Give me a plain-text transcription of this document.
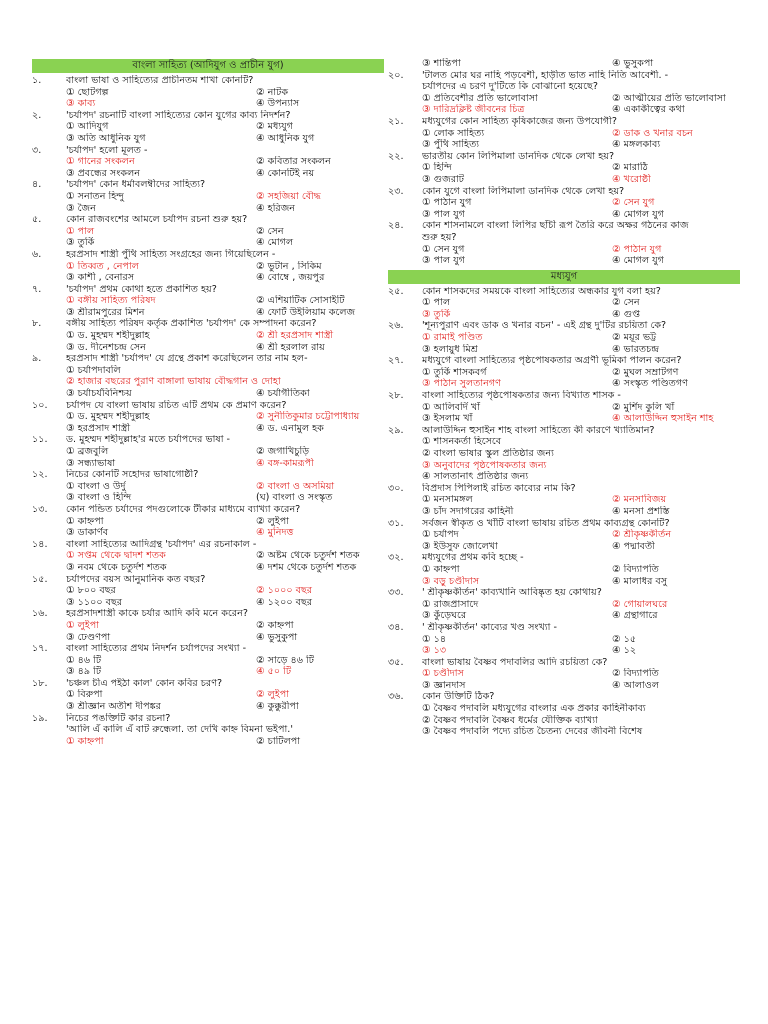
বাংলা সাহিত্য (আদিযুগ ও প্রাচীন যুগ)
১.	বাংলা ভাষা ও সাহিত্যের প্রাচীনতম শাখা কোনটি?
① ছোটগল্প	② নাটক
③ কাব্য	④ উপন্যাস
২.	'চর্যাপদ' রচনাটি বাংলা সাহিত্যের কোন যুগের কাব্য নিদর্শন?
① আদিযুগ	② মধ্যযুগ
③ অতি আধুনিক যুগ	④ আধুনিক যুগ
৩.	'চর্যাপদ' হলো মূলত -
① গানের সংকলন	② কবিতার সংকলন
③ প্রবন্ধের সংকলন	④ কোনটিই নয়
৪.	'চর্যাপদ' কোন ধর্মাবলম্বীদের সাহিত্য?
① সনাতন হিন্দু	② সহজিয়া বৌদ্ধ
③ জৈন	④ হরিজন
৫.	কোন রাজবংশের আমলে চর্যাপদ রচনা শুরু হয়?
① পাল	② সেন
③ তুর্কি	④ মোগল
৬.	হরপ্রসাদ শাস্ত্রী পুঁথি সাহিত্য সংগ্রহের জন্য গিয়েছিলেন -
① তিব্বত , নেপাল	② ভুটান , সিকিম
③ কাশী , বেনারস	④ বোম্বে , জয়পুর
৭.	'চর্যাপদ' প্রথম কোথা হতে প্রকাশিত হয়?
① বঙ্গীয় সাহিত্য পরিষদ	② এশিয়াটিক সোসাইটি
③ শ্রীরামপুরের মিশন	④ ফোর্ট উইলিয়াম কলেজ
৮.	বঙ্গীয় সাহিত্য পরিষদ কর্তৃক প্রকাশিত 'চর্যাপদ' কে সম্পাদনা করেন?
① ড. মুহম্মদ শহীদুল্লাহ	② শ্রী হরপ্রসাদ শাস্ত্রী
③ ড. দীনেশচন্দ্র সেন	④ শ্রী হরলাল রায়
৯.	হরপ্রসাদ শাস্ত্রী 'চর্যাপদ' যে গ্রন্থে প্রকাশ করেছিলেন তার নাম হল-
① চর্যাপদাবলি
② হাজার বছরের পুরাণ বাঙ্গালা ভাষায় বৌদ্ধগান ও দোহা
③ চর্যাচর্যবিনিশ্চয়	④ চর্যাগীতিকা
১০.	চর্যাপদ যে বাংলা ভাষায় রচিত এটি প্রথম কে প্রমাণ করেন?
① ড. মুহম্মদ শহীদুল্লাহ	② সুনীতিকুমার চট্টোপাধ্যায়
③ হরপ্রসাদ শাস্ত্রী	④ ড. এনামুল হক
১১.	ড. মুহম্মদ শহীদুল্লাহ'র মতে চর্যাপদের ভাষা -
① ব্রজবুলি	② জগাখিচুড়ি
③ সন্ধ্যাভাষা	④ বঙ্গ-কামরূপী
১২.	নিচের কোনটি সহোদর ভাষাগোষ্ঠী?
① বাংলা ও উর্দু	② বাংলা ও অসমিয়া
③ বাংলা ও হিন্দি	(ঘ) বাংলা ও সংস্কৃত
১৩.	কোন পন্ডিত চর্যাদের পদগুলোকে টীকার মাধ্যমে ব্যাখ্যা করেন?
① কাহ্নপা	② লুইপা
③ ডাকার্ণব	④ মুনিদত্ত
১৪.	বাংলা সাহিত্যের আদিগ্রন্থ 'চর্যাপদ' এর রচনাকাল -
① সপ্তম থেকে দ্বাদশ শতক	② অষ্টম থেকে চতুর্দশ শতক
③ নবম থেকে চতুর্দশ শতক	④ দশম থেকে চতুর্দশ শতক
১৫.	চর্যাপদের বয়স আনুমানিক কত বছর?
① ৮০০ বছর	② ১০০০ বছর
③ ১১০০ বছর	④ ১২০০ বছর
১৬.	হরপ্রসাদশাস্ত্রী কাকে চর্যার আদি কবি মনে করেন?
① লুইপা	② কাহ্নপা
③ ঢেণ্ডণপা	④ ভুসুকুপা
১৭.	বাংলা সাহিত্যের প্রথম নিদর্শন চর্যাপদের সংখ্যা -
① ৪৬ টি	② সাড়ে ৪৬ টি
③ ৪৯ টি	④ ৫০ টি
১৮.	'চঞ্চল চীএ পইঠা কাল' কোন কবির চরণ?
① বিরুপা	② লুইপা
③ শ্রীজ্ঞান অতীশ দীপঙ্কর	④ কুক্কুরীপা
১৯.	নিচের পঙক্তিটি কার রচনা?
'আলি এঁ কালি এঁ বাট রুন্ধেলা. তা দেখি কাহ্ন বিমনা ভইপা.'
① কাহ্নপা	② চাটিলপা
③ শান্তিপা	④ ভুসুকপা
২০.	'টালত মোর ঘর নাহি পড়বেশী, হাড়ীত ভাত নাহি নিতি আবেশী. -
চর্যাপদের এ চরণ দু'টিতে কি বোঝানো হয়েছে?
① প্রতিবেশীর প্রতি ভালোবাসা	② আত্মীয়ের প্রতি ভালোবাসা
③ দারিদ্রক্লিষ্ট জীবনের চিত্র	④ একাকীত্বের কথা
২১.	মধ্যযুগের কোন সাহিত্য কৃষিকাজের জন্য উপযোগী?
① লোক সাহিত্য	② ডাক ও খনার বচন
③ পুঁথি সাহিত্য	④ মঙ্গলকাব্য
২২.	ভারতীয় কোন লিপিমালা ডানদিক থেকে লেখা হয়?
① হিন্দি	② মারাঠি
③ গুজরাট	④ খরোষ্ঠী
২৩.	কোন যুগে বাংলা লিপিমালা ডানদিক থেকে লেখা হয়?
① পাঠান যুগ	② সেন যুগ
③ পাল যুগ	④ মোগল যুগ
২৪.	কোন শাসনামলে বাংলা লিপির ছাঁচী রূপ তৈরি করে অক্ষর গঠনের কাজ
শুরু হয়?
① সেন যুগ	② পাঠান যুগ
③ পাল যুগ	④ মোগল যুগ
মধ্যযুগ
২৫.	কোন শাসকদের সময়কে বাংলা সাহিত্যের অন্ধকার যুগ বলা হয়?
① পাল	② সেন
③ তুর্কি	④ গুপ্ত
২৬.	'শূন্যপুরাণ এবং ডাক ও খনার বচন' - এই গ্রন্থ দু'টির রচয়িতা কে?
① রামাই পণ্ডিত	② ময়ূর ভট্ট
③ হলায়ুধ মিশ্র	④ ভারতচন্দ্র
২৭.	মধ্যযুগে বাংলা সাহিত্যের পৃষ্ঠপোষকতার অগ্রণী ভূমিকা পালন করেন?
① তুর্কি শাসকবর্গ	② মুঘল সম্রাটগণ
③ পাঠান সুলতানগণ	④ সংস্কৃত পণ্ডিতগণ
২৮.	বাংলা সাহিত্যের পৃষ্ঠপোষকতার জন্য বিখ্যাত শাসক -
① আলিবর্দি খাঁ	② মুর্শিদ কুলি খাঁ
③ ইসলাম খাঁ	④ আলাউদ্দিন হুসাইন শাহ
২৯.	আলাউদ্দিন হুসাইন শাহ বাংলা সাহিত্যে কী কারণে খ্যাতিমান?
① শাসনকর্তা হিসেবে
② বাংলা ভাষার স্কুল প্রতিষ্ঠার জন্য
③ অনুবাদের পৃষ্ঠপোষকতার জন্য
④ সালতানাৎ প্রতিষ্ঠার জন্য
৩০.	বিপ্রদাস পিপিলাই রচিত কাব্যের নাম কি?
① মনসামঙ্গল	② মনসাবিজয়
③ চাঁদ সদাগরের কাহিনী	④ মনসা প্রশস্তি
৩১.	সর্বজন স্বীকৃত ও খাঁটি বাংলা ভাষায় রচিত প্রথম কাব্যগ্রন্থ কোনটি?
① চর্যাপদ	② শ্রীকৃষ্ণকীর্তন
③ ইউসুফ জোলেখা	④ পদ্মাবতী
৩২.	মধ্যযুগের প্রথম কবি হচ্ছে -
① কাহ্নপা	② বিদ্যাপতি
③ বড়ু চণ্ডীদাস	④ মালাধর বসু
৩৩.	' শ্রীকৃষ্ণকীর্তন' কাব্যখানি আবিষ্কৃত হয় কোথায়?
① রাজপ্রাসাদে	② গোয়ালঘরে
③ কুঁড়েঘরে	④ গ্রন্থাগারে
৩৪.	' শ্রীকৃষ্ণকীর্তন' কাব্যের খণ্ড সংখ্যা -
① ১৪	② ১৫
③ ১৩	④ ১২
৩৫.	বাংলা ভাষায় বৈষ্ণব পদাবলির আদি রচয়িতা কে?
① চণ্ডীদাস	② বিদ্যাপতি
③ জ্ঞানদাস	④ আলাওল
৩৬.	কোন উক্তিটি ঠিক?
① বৈষ্ণব পদাবলি মধ্যযুগের বাংলার এক প্রকার কাহিনীকাব্য
② বৈষ্ণব পদাবলি বৈষ্ণব ধর্মের যৌক্তিক ব্যাখ্যা
③ বৈষ্ণব পদাবলি পদ্যে রচিত চৈতন্য দেবের জীবনী বিশেষ
